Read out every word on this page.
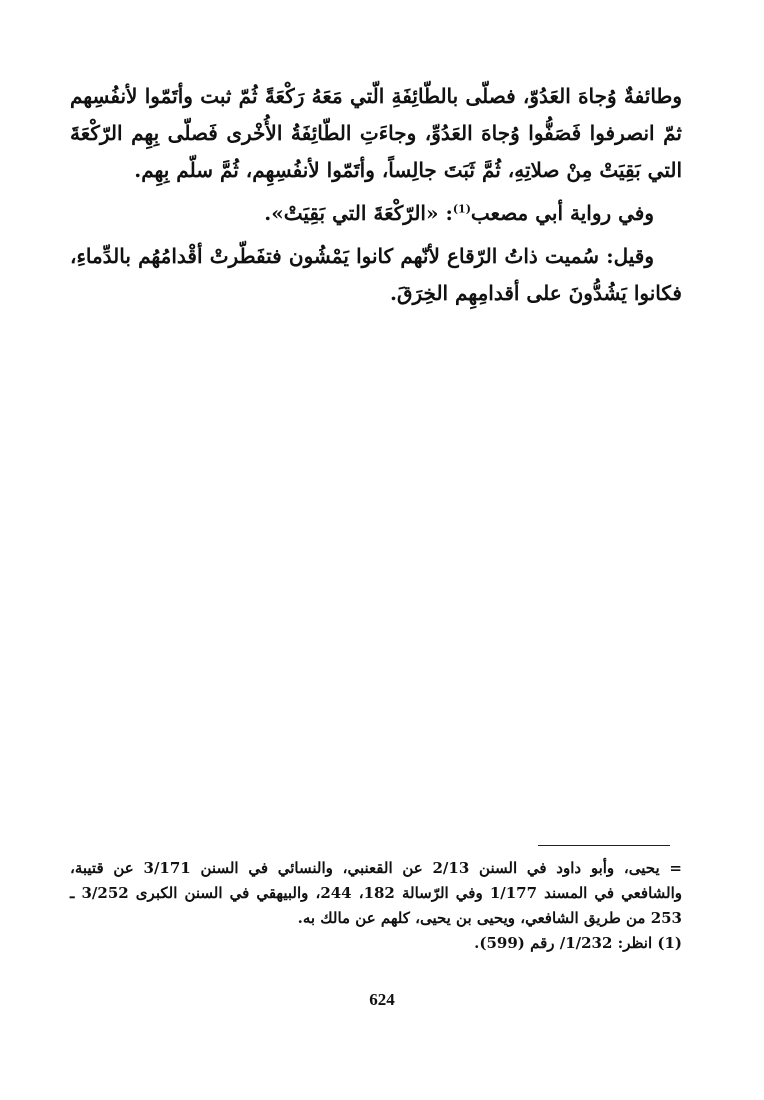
وطائفةٌ وُجاهَ العَدُوّ، فصلّى بالطّائِفَةِ الّتي مَعَهُ رَكْعَةً ثُمّ ثبت وأتَمّوا لأنفُسِهم ثمّ انصرفوا فَصَفُّوا وُجاهَ العَدُوِّ، وجاءَتِ الطّائِفَةُ الأُخْرى فَصلّى بِهِم الرّكْعَةَ التي بَقِيَتْ مِنْ صلاتِهِ، ثُمَّ ثَبَتَ جالِساً، وأتَمّوا لأنفُسِهِم، ثُمَّ سلّم بِهِم.

وفي رواية أبي مصعب$^{(1)}$: «الرّكْعَةَ التي بَقِيَتْ».

وقيل: سُميت ذاتُ الرّقاع لأنّهم كانوا يَمْشُون فتفَطّرتْ أقْدامُهُم بالدِّماءِ، فكانوا يَشُدُّونَ على أقدامِهِم الخِرَقَ.

= يحيى، وأبو داود في السنن 2/13 عن القعنبي، والنسائي في السنن 3/171 عن قتيبة، والشافعي في المسند 1/177 وفي الرّسالة 182، 244، والبيهقي في السنن الكبرى 3/252 ـ 253 من طريق الشافعي، ويحيى بن يحيى، كلهم عن مالك به.

(1) انظر: 1/232/ رقم (599).

624
